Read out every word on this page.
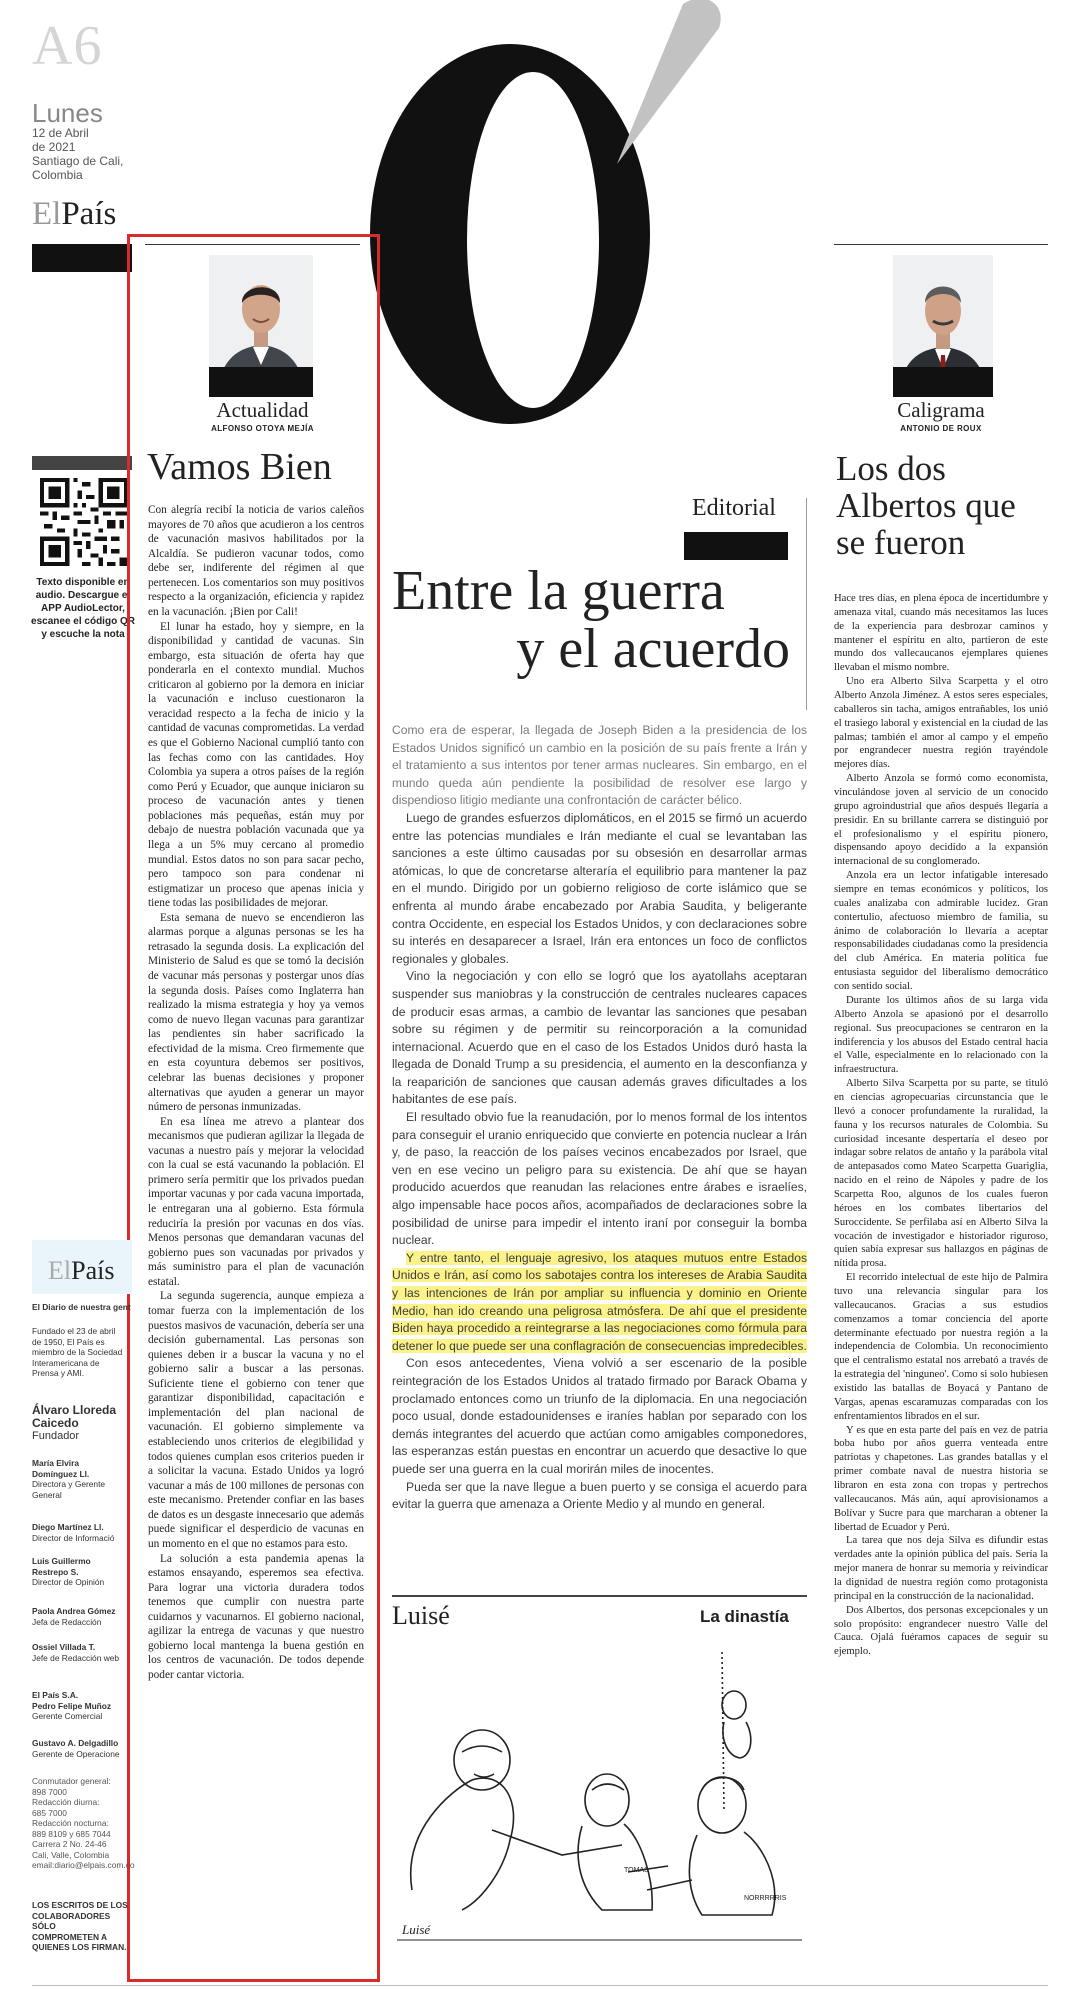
A6
Lunes
12 de Abril
de 2021
Santiago de Cali,
Colombia
ElPaís
Texto disponible en audio. Descargue el APP AudioLector, escanee el código QR y escuche la nota
Actualidad
ALFONSO OTOYA MEJÍA
Vamos Bien

Con alegría recibí la noticia de varios caleños mayores de 70 años que acudieron a los centros de vacunación masivos habilitados por la Alcaldía. Se pudieron vacunar todos, como debe ser, indiferente del régimen al que pertenecen. Los comentarios son muy positivos respecto a la organización, eficiencia y rapidez en la vacunación. ¡Bien por Cali!

El lunar ha estado, hoy y siempre, en la disponibilidad y cantidad de vacunas. Sin embargo, esta situación de oferta hay que ponderarla en el contexto mundial. Muchos criticaron al gobierno por la demora en iniciar la vacunación e incluso cuestionaron la veracidad respecto a la fecha de inicio y la cantidad de vacunas comprometidas. La verdad es que el Gobierno Nacional cumplió tanto con las fechas como con las cantidades. Hoy Colombia ya supera a otros países de la región como Perú y Ecuador, que aunque iniciaron su proceso de vacunación antes y tienen poblaciones más pequeñas, están muy por debajo de nuestra población vacunada que ya llega a un 5% muy cercano al promedio mundial. Estos datos no son para sacar pecho, pero tampoco son para condenar ni estigmatizar un proceso que apenas inicia y tiene todas las posibilidades de mejorar.

Esta semana de nuevo se encendieron las alarmas porque a algunas personas se les ha retrasado la segunda dosis. La explicación del Ministerio de Salud es que se tomó la decisión de vacunar más personas y postergar unos días la segunda dosis. Países como Inglaterra han realizado la misma estrategia y hoy ya vemos como de nuevo llegan vacunas para garantizar las pendientes sin haber sacrificado la efectividad de la misma. Creo firmemente que en esta coyuntura debemos ser positivos, celebrar las buenas decisiones y proponer alternativas que ayuden a generar un mayor número de personas inmunizadas.

En esa línea me atrevo a plantear dos mecanismos que pudieran agilizar la llegada de vacunas a nuestro país y mejorar la velocidad con la cual se está vacunando la población. El primero sería permitir que los privados puedan importar vacunas y por cada vacuna importada, le entregaran una al gobierno. Esta fórmula reduciría la presión por vacunas en dos vías. Menos personas que demandaran vacunas del gobierno pues son vacunadas por privados y más suministro para el plan de vacunación estatal.

La segunda sugerencia, aunque empieza a tomar fuerza con la implementación de los puestos masivos de vacunación, debería ser una decisión gubernamental. Las personas son quienes deben ir a buscar la vacuna y no el gobierno salir a buscar a las personas. Suficiente tiene el gobierno con tener que garantizar disponibilidad, capacitación e implementación del plan nacional de vacunación. El gobierno simplemente va estableciendo unos criterios de elegibilidad y todos quienes cumplan esos criterios pueden ir a solicitar la vacuna. Estado Unidos ya logró vacunar a más de 100 millones de personas con este mecanismo. Pretender confiar en las bases de datos es un desgaste innecesario que además puede significar el desperdicio de vacunas en un momento en el que no estamos para esto.

La solución a esta pandemia apenas la estamos ensayando, esperemos sea efectiva. Para lograr una victoria duradera todos tenemos que cumplir con nuestra parte cuidarnos y vacunarnos. El gobierno nacional, agilizar la entrega de vacunas y que nuestro gobierno local mantenga la buena gestión en los centros de vacunación. De todos depende poder cantar victoria.

ElPaís
El Diario de nuestra gent
Fundado el 23 de abril
de 1950, El País es
miembro de la Sociedad
Interamericana de
Prensa y AMI.
Álvaro Lloreda
Caicedo
Fundador
María Elvira
Domínguez Ll.
Directora y Gerente
General
Diego Martínez Ll.
Director de Informació
Luis Guillermo
Restrepo S.
Director de Opinión
Paola Andrea Gómez
Jefa de Redacción
Ossiel Villada T.
Jefe de Redacción web
El País S.A.
Pedro Felipe Muñoz
Gerente Comercial
Gustavo A. Delgadillo
Gerente de Operacione
Conmutador general:
898 7000
Redacción diurna:
685 7000
Redacción nocturna:
889 8109 y 685 7044
Carrera 2 No. 24-46
Cali, Valle, Colombia
email:diario@elpais.com.co
LOS ESCRITOS DE LOS
COLABORADORES SÓLO
COMPROMETEN A
QUIENES LOS FIRMAN.
Editorial
Entre la guerra
y el acuerdo

Como era de esperar, la llegada de Joseph Biden a la presidencia de los Estados Unidos significó un cambio en la posición de su país frente a Irán y el tratamiento a sus intentos por tener armas nucleares. Sin embargo, en el mundo queda aún pendiente la posibilidad de resolver ese largo y dispendioso litigio mediante una confrontación de carácter bélico.

Luego de grandes esfuerzos diplomáticos, en el 2015 se firmó un acuerdo entre las potencias mundiales e Irán mediante el cual se levantaban las sanciones a este último causadas por su obsesión en desarrollar armas atómicas, lo que de concretarse alteraría el equilibrio para mantener la paz en el mundo. Dirigido por un gobierno religioso de corte islámico que se enfrenta al mundo árabe encabezado por Arabia Saudita, y beligerante contra Occidente, en especial los Estados Unidos, y con declaraciones sobre su interés en desaparecer a Israel, Irán era entonces un foco de conflictos regionales y globales.

Vino la negociación y con ello se logró que los ayatollahs aceptaran suspender sus maniobras y la construcción de centrales nucleares capaces de producir esas armas, a cambio de levantar las sanciones que pesaban sobre su régimen y de permitir su reincorporación a la comunidad internacional. Acuerdo que en el caso de los Estados Unidos duró hasta la llegada de Donald Trump a su presidencia, el aumento en la desconfianza y la reaparición de sanciones que causan además graves dificultades a los habitantes de ese país.

El resultado obvio fue la reanudación, por lo menos formal de los intentos para conseguir el uranio enriquecido que convierte en potencia nuclear a Irán y, de paso, la reacción de los países vecinos encabezados por Israel, que ven en ese vecino un peligro para su existencia. De ahí que se hayan producido acuerdos que reanudan las relaciones entre árabes e israelíes, algo impensable hace pocos años, acompañados de declaraciones sobre la posibilidad de unirse para impedir el intento iraní por conseguir la bomba nuclear.

Y entre tanto, el lenguaje agresivo, los ataques mutuos entre Estados Unidos e Irán, así como los sabotajes contra los intereses de Arabia Saudita y las intenciones de Irán por ampliar su influencia y dominio en Oriente Medio, han ido creando una peligrosa atmósfera. De ahí que el presidente Biden haya procedido a reintegrarse a las negociaciones como fórmula para detener lo que puede ser una conflagración de consecuencias impredecibles.

Con esos antecedentes, Viena volvió a ser escenario de la posible reintegración de los Estados Unidos al tratado firmado por Barack Obama y proclamado entonces como un triunfo de la diplomacia. En una negociación poco usual, donde estadounidenses e iraníes hablan por separado con los demás integrantes del acuerdo que actúan como amigables componedores, las esperanzas están puestas en encontrar un acuerdo que desactive lo que puede ser una guerra en la cual morirán miles de inocentes.

Pueda ser que la nave llegue a buen puerto y se consiga el acuerdo para evitar la guerra que amenaza a Oriente Medio y al mundo en general.

Luisé	La dinastía
TOMAS
NORRRRRIS
Luisé
Caligrama
ANTONIO DE ROUX
Los dos Albertos que se fueron

Hace tres días, en plena época de incertidumbre y amenaza vital, cuando más necesitamos las luces de la experiencia para desbrozar caminos y mantener el espíritu en alto, partieron de este mundo dos vallecaucanos ejemplares quienes llevaban el mismo nombre.

Uno era Alberto Silva Scarpetta y el otro Alberto Anzola Jiménez. A estos seres especiales, caballeros sin tacha, amigos entrañables, los unió el trasiego laboral y existencial en la ciudad de las palmas; también el amor al campo y el empeño por engrandecer nuestra región trayéndole mejores días.

Alberto Anzola se formó como economista, vinculándose joven al servicio de un conocido grupo agroindustrial que años después llegaría a presidir. En su brillante carrera se distinguió por el profesionalismo y el espíritu pionero, dispensando apoyo decidido a la expansión internacional de su conglomerado.

Anzola era un lector infatigable interesado siempre en temas económicos y políticos, los cuales analizaba con admirable lucidez. Gran contertulio, afectuoso miembro de familia, su ánimo de colaboración lo llevaría a aceptar responsabilidades ciudadanas como la presidencia del club América. En materia política fue entusiasta seguidor del liberalismo democrático con sentido social.

Durante los últimos años de su larga vida Alberto Anzola se apasionó por el desarrollo regional. Sus preocupaciones se centraron en la indiferencia y los abusos del Estado central hacia el Valle, especialmente en lo relacionado con la infraestructura.

Alberto Silva Scarpetta por su parte, se tituló en ciencias agropecuarias circunstancia que le llevó a conocer profundamente la ruralidad, la fauna y los recursos naturales de Colombia. Su curiosidad incesante despertaría el deseo por indagar sobre relatos de antaño y la parábola vital de antepasados como Mateo Scarpetta Guariglia, nacido en el reino de Nápoles y padre de los Scarpetta Roo, algunos de los cuales fueron héroes en los combates libertarios del Suroccidente. Se perfilaba así en Alberto Silva la vocación de investigador e historiador riguroso, quien sabía expresar sus hallazgos en páginas de nítida prosa.

El recorrido intelectual de este hijo de Palmira tuvo una relevancia singular para los vallecaucanos. Gracias a sus estudios comenzamos a tomar conciencia del aporte determinante efectuado por nuestra región a la independencia de Colombia. Un reconocimiento que el centralismo estatal nos arrebató a través de la estrategia del 'ninguneo'. Como si solo hubiesen existido las batallas de Boyacá y Pantano de Vargas, apenas escaramuzas comparadas con los enfrentamientos librados en el sur.

Y es que en esta parte del país en vez de patria boba hubo por años guerra venteada entre patriotas y chapetones. Las grandes batallas y el primer combate naval de nuestra historia se libraron en esta zona con tropas y pertrechos vallecaucanos. Más aún, aquí aprovisionamos a Bolívar y Sucre para que marcharan a obtener la libertad de Ecuador y Perú.

La tarea que nos deja Silva es difundir estas verdades ante la opinión pública del país. Sería la mejor manera de honrar su memoria y reivindicar la dignidad de nuestra región como protagonista principal en la construcción de la nacionalidad.

Dos Albertos, dos personas excepcionales y un solo propósito: engrandecer nuestro Valle del Cauca. Ojalá fuéramos capaces de seguir su ejemplo.
